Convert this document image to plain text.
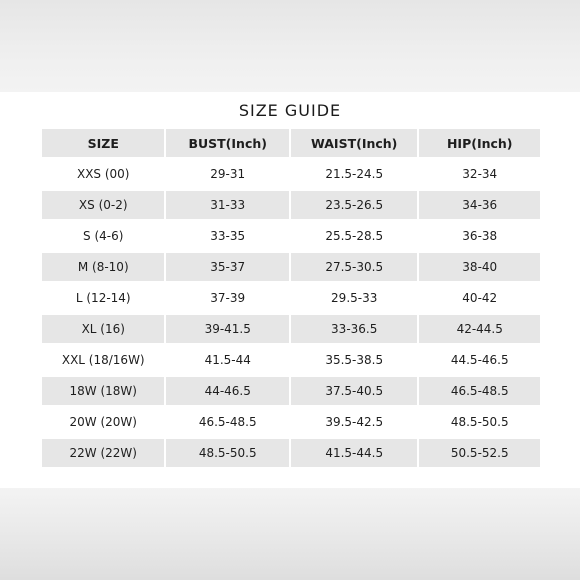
SIZE GUIDE
SIZE	BUST(Inch)	WAIST(Inch)	HIP(Inch)
XXS (00)	29-31	21.5-24.5	32-34
XS (0-2)	31-33	23.5-26.5	34-36
S (4-6)	33-35	25.5-28.5	36-38
M (8-10)	35-37	27.5-30.5	38-40
L (12-14)	37-39	29.5-33	40-42
XL (16)	39-41.5	33-36.5	42-44.5
XXL (18/16W)	41.5-44	35.5-38.5	44.5-46.5
18W (18W)	44-46.5	37.5-40.5	46.5-48.5
20W (20W)	46.5-48.5	39.5-42.5	48.5-50.5
22W (22W)	48.5-50.5	41.5-44.5	50.5-52.5
